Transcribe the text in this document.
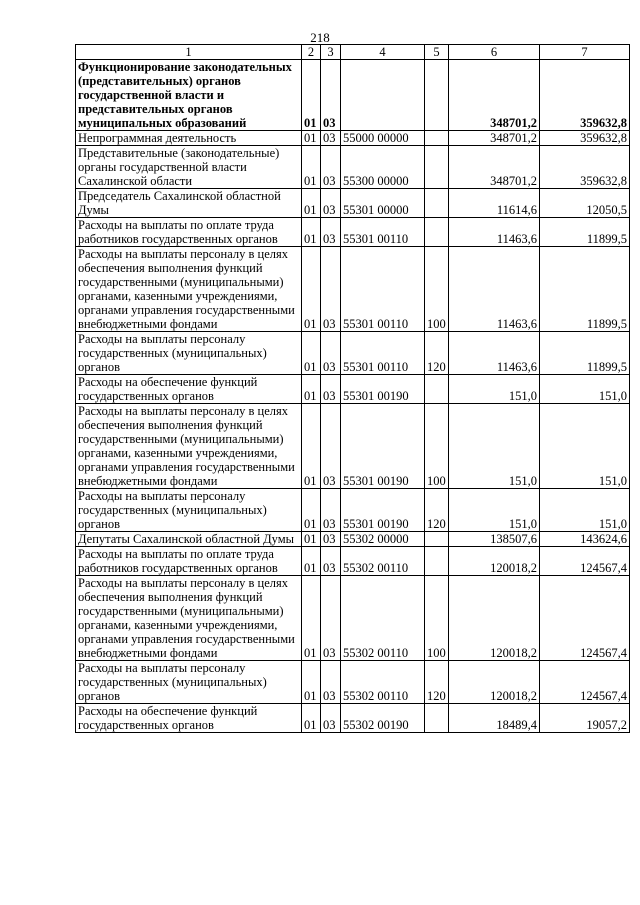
218
1	2	3	4	5	6	7
Функционирование законодательных (представительных) органов государственной власти и представительных органов муниципальных образований	01	03			348701,2	359632,8
Непрограммная деятельность	01	03	55000 00000		348701,2	359632,8
Представительные (законодательные) органы государственной власти Сахалинской области	01	03	55300 00000		348701,2	359632,8
Председатель Сахалинской областной Думы	01	03	55301 00000		11614,6	12050,5
Расходы на выплаты по оплате труда работников государственных органов	01	03	55301 00110		11463,6	11899,5
Расходы на выплаты персоналу в целях обеспечения выполнения функций государственными (муниципальными) органами, казенными учреждениями, органами управления государственными внебюджетными фондами	01	03	55301 00110	100	11463,6	11899,5
Расходы на выплаты персоналу государственных (муниципальных) органов	01	03	55301 00110	120	11463,6	11899,5
Расходы на обеспечение функций государственных органов	01	03	55301 00190		151,0	151,0
Расходы на выплаты персоналу в целях обеспечения выполнения функций государственными (муниципальными) органами, казенными учреждениями, органами управления государственными внебюджетными фондами	01	03	55301 00190	100	151,0	151,0
Расходы на выплаты персоналу государственных (муниципальных) органов	01	03	55301 00190	120	151,0	151,0
Депутаты Сахалинской областной Думы	01	03	55302 00000		138507,6	143624,6
Расходы на выплаты по оплате труда работников государственных органов	01	03	55302 00110		120018,2	124567,4
Расходы на выплаты персоналу в целях обеспечения выполнения функций государственными (муниципальными) органами, казенными учреждениями, органами управления государственными внебюджетными фондами	01	03	55302 00110	100	120018,2	124567,4
Расходы на выплаты персоналу государственных (муниципальных) органов	01	03	55302 00110	120	120018,2	124567,4
Расходы на обеспечение функций государственных органов	01	03	55302 00190		18489,4	19057,2
